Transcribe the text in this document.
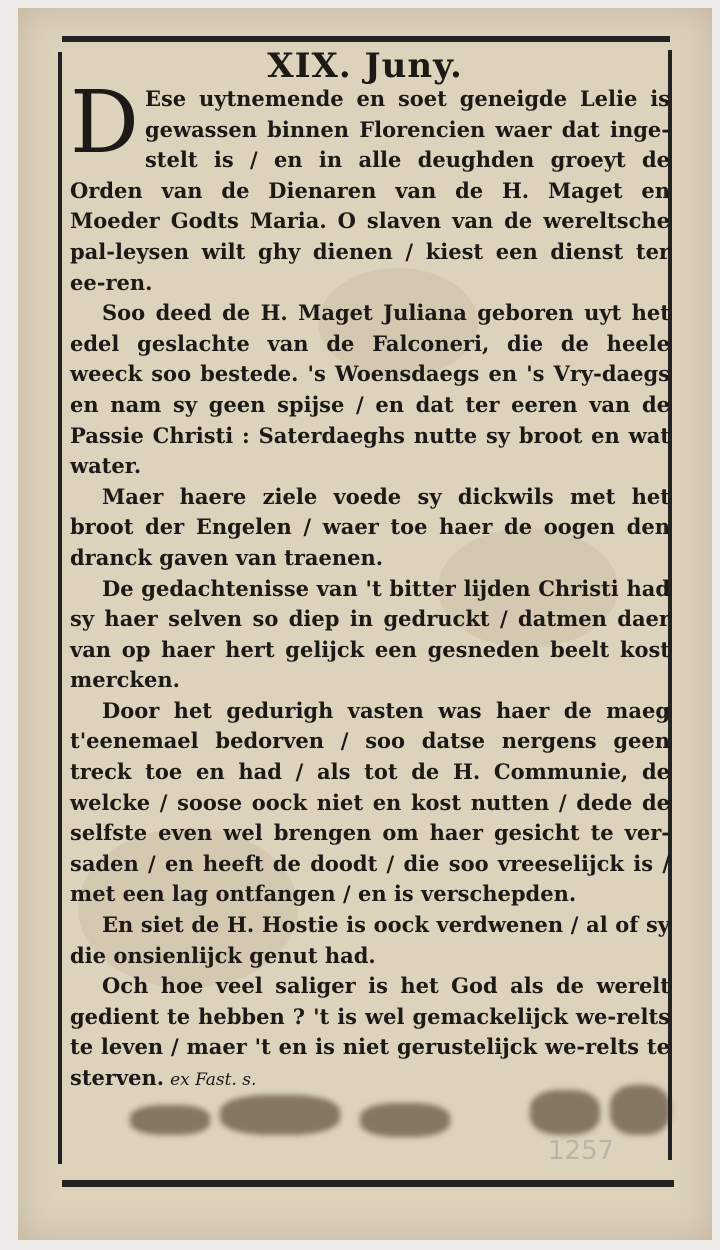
XIX. Juny.

D Ese uytnemende en soet geneigde Lelie is gewassen binnen Florencien waer dat inge-stelt is / en in alle deughden groeyt de Orden van de Dienaren van de H. Maget en Moeder Godts Maria. O slaven van de wereltsche pal-leysen wilt ghy dienen / kiest een dienst ter ee-ren.

Soo deed de H. Maget Juliana geboren uyt het edel geslachte van de Falconeri, die de heele weeck soo bestede. 's Woensdaegs en 's Vry-daegs en nam sy geen spijse / en dat ter eeren van de Passie Christi : Saterdaeghs nutte sy broot en wat water.

Maer haere ziele voede sy dickwils met het broot der Engelen / waer toe haer de oogen den dranck gaven van traenen.

De gedachtenisse van 't bitter lijden Christi had sy haer selven so diep in gedruckt / datmen daer van op haer hert gelijck een gesneden beelt kost mercken.

Door het gedurigh vasten was haer de maeg t'eenemael bedorven / soo datse nergens geen treck toe en had / als tot de H. Communie, de welcke / soose oock niet en kost nutten / dede de selfste even wel brengen om haer gesicht te ver-saden / en heeft de doodt / die soo vreeselijck is / met een lag ontfangen / en is verschepden.

En siet de H. Hostie is oock verdwenen / al of sy die onsienlijck genut had.

Och hoe veel saliger is het God als de werelt gedient te hebben ? 't is wel gemackelijck we-relts te leven / maer 't en is niet gerustelijck we-relts te sterven. ex Fast. s.

1257
